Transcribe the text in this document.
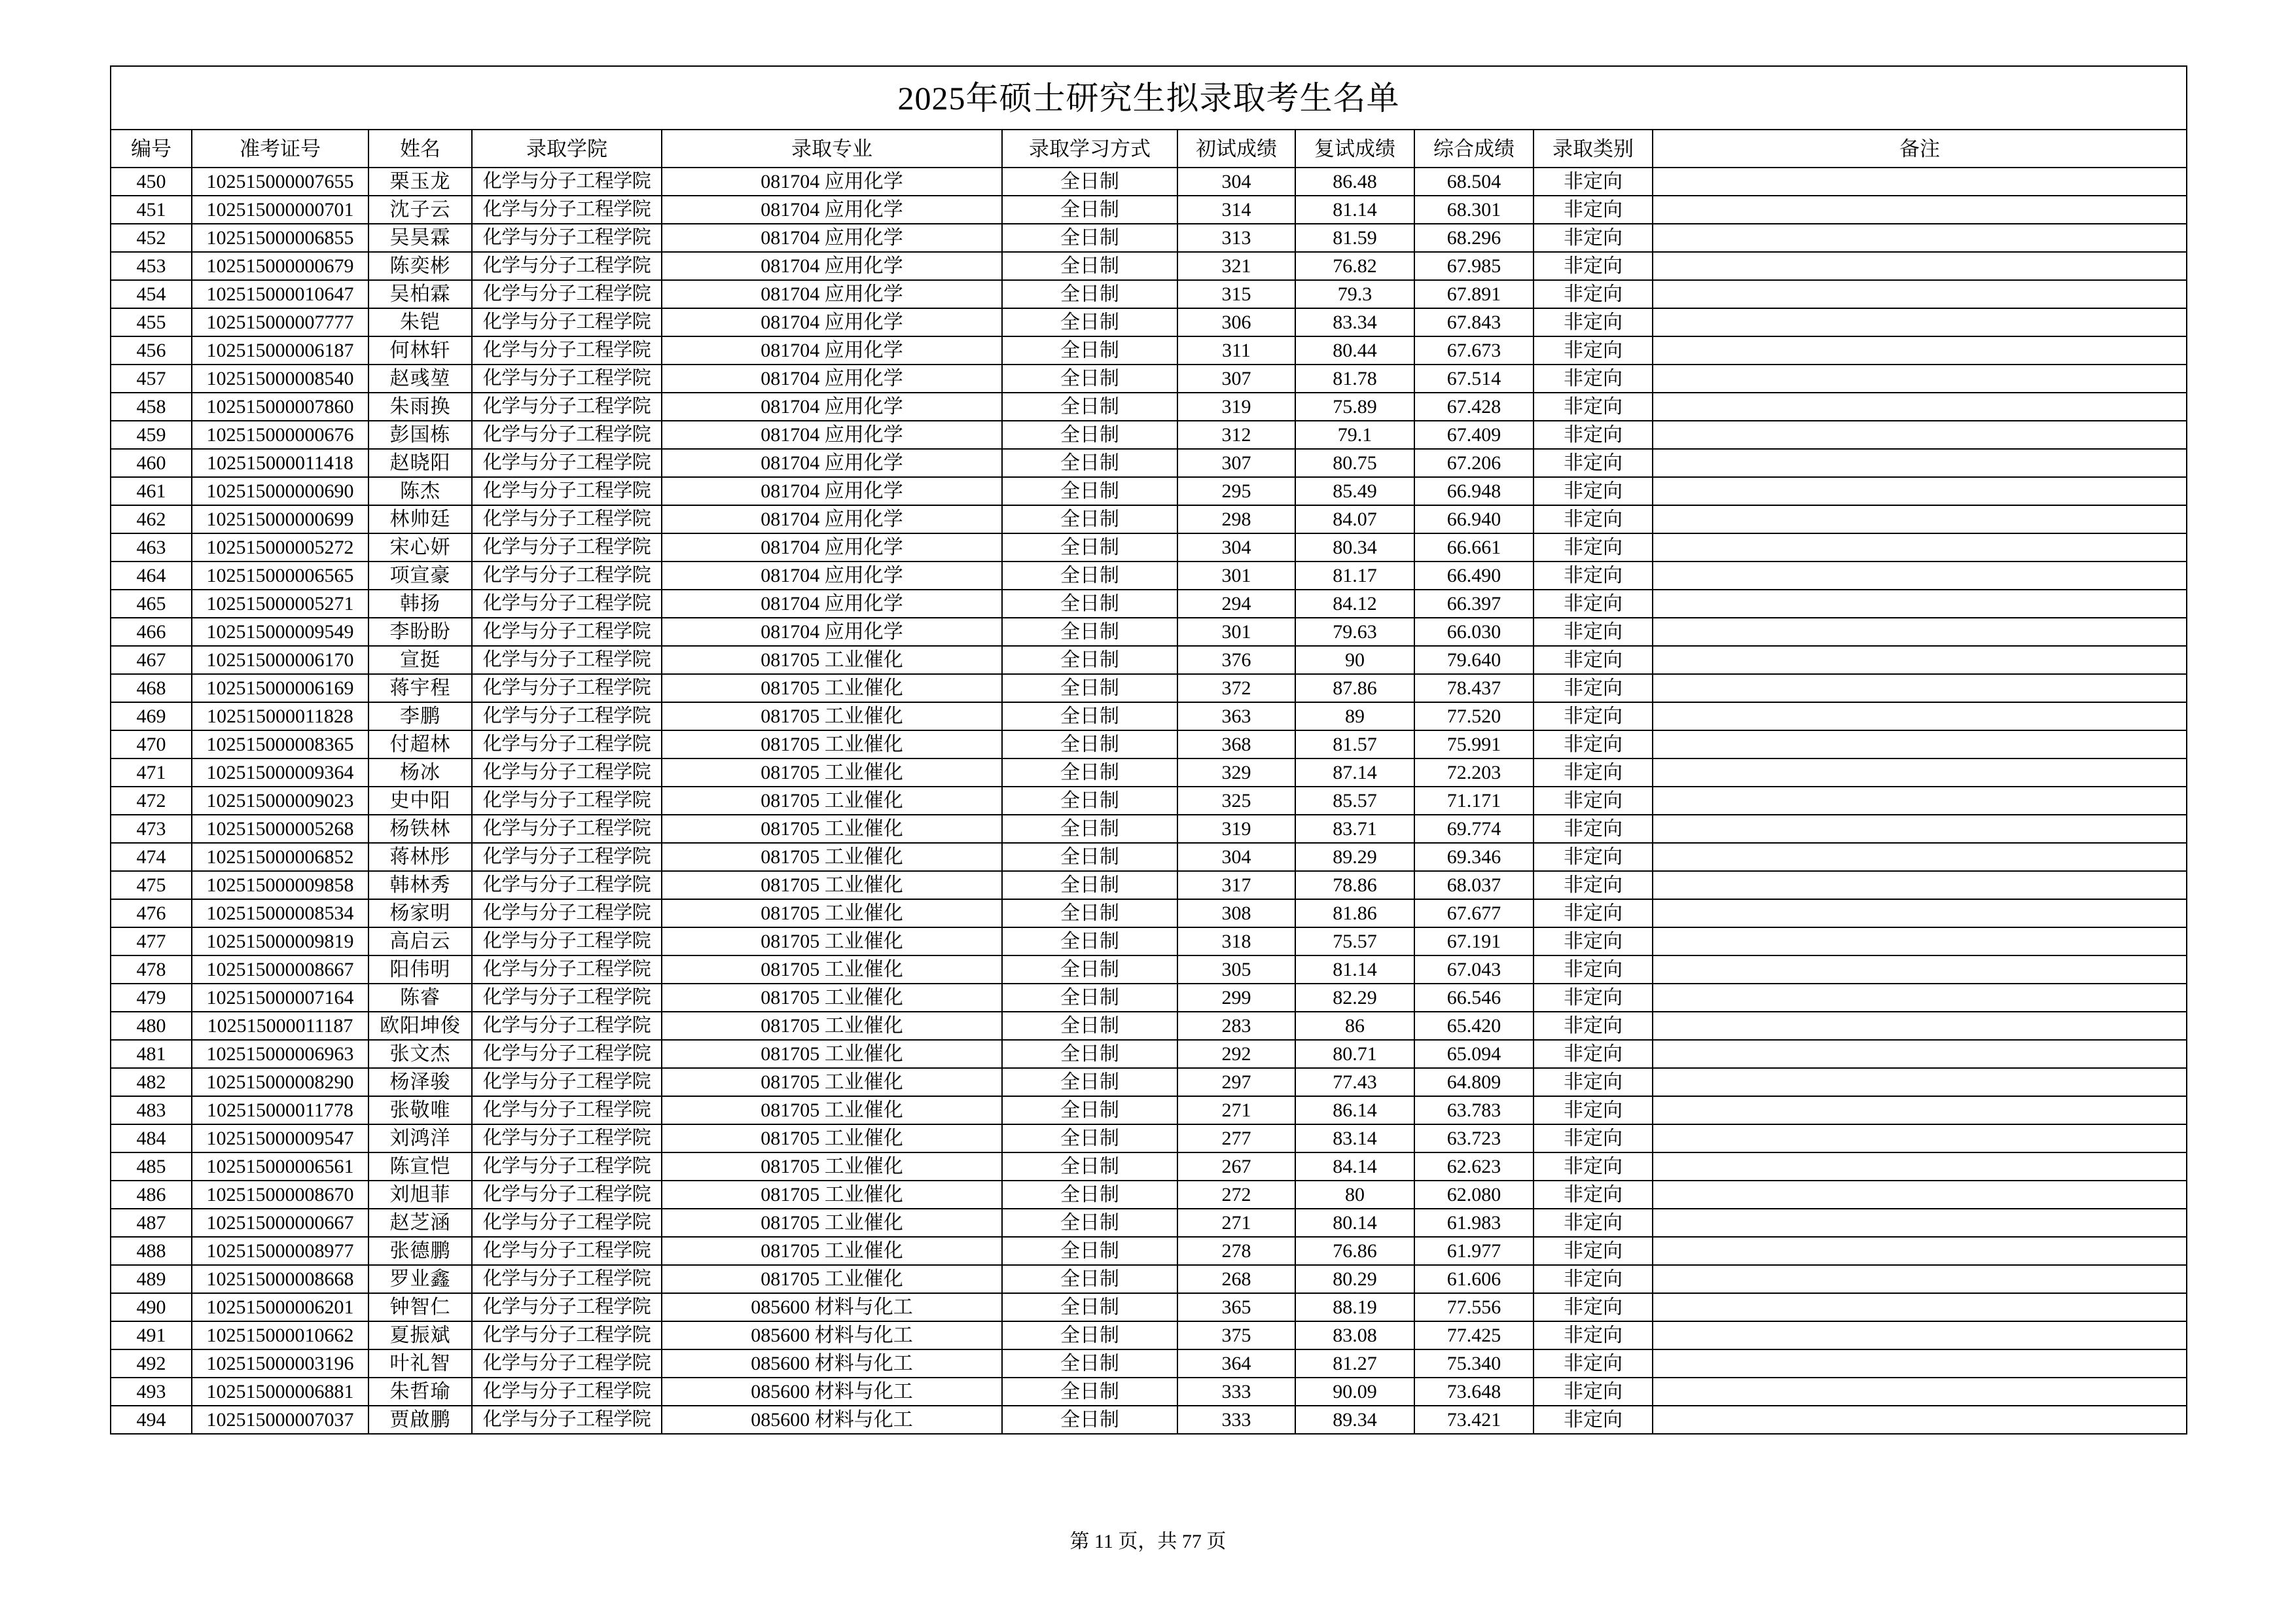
2025年硕士研究生拟录取考生名单										
编号	准考证号	姓名	录取学院	录取专业	录取学习方式	初试成绩	复试成绩	综合成绩	录取类别	备注
450	102515000007655	栗玉龙	化学与分子工程学院	081704 应用化学	全日制	304	86.48	68.504	非定向	
451	102515000000701	沈子云	化学与分子工程学院	081704 应用化学	全日制	314	81.14	68.301	非定向	
452	102515000006855	吴昊霖	化学与分子工程学院	081704 应用化学	全日制	313	81.59	68.296	非定向	
453	102515000000679	陈奕彬	化学与分子工程学院	081704 应用化学	全日制	321	76.82	67.985	非定向	
454	102515000010647	吴柏霖	化学与分子工程学院	081704 应用化学	全日制	315	79.3	67.891	非定向	
455	102515000007777	朱铠	化学与分子工程学院	081704 应用化学	全日制	306	83.34	67.843	非定向	
456	102515000006187	何林轩	化学与分子工程学院	081704 应用化学	全日制	311	80.44	67.673	非定向	
457	102515000008540	赵彧堃	化学与分子工程学院	081704 应用化学	全日制	307	81.78	67.514	非定向	
458	102515000007860	朱雨换	化学与分子工程学院	081704 应用化学	全日制	319	75.89	67.428	非定向	
459	102515000000676	彭国栋	化学与分子工程学院	081704 应用化学	全日制	312	79.1	67.409	非定向	
460	102515000011418	赵晓阳	化学与分子工程学院	081704 应用化学	全日制	307	80.75	67.206	非定向	
461	102515000000690	陈杰	化学与分子工程学院	081704 应用化学	全日制	295	85.49	66.948	非定向	
462	102515000000699	林帅廷	化学与分子工程学院	081704 应用化学	全日制	298	84.07	66.940	非定向	
463	102515000005272	宋心妍	化学与分子工程学院	081704 应用化学	全日制	304	80.34	66.661	非定向	
464	102515000006565	项宣豪	化学与分子工程学院	081704 应用化学	全日制	301	81.17	66.490	非定向	
465	102515000005271	韩扬	化学与分子工程学院	081704 应用化学	全日制	294	84.12	66.397	非定向	
466	102515000009549	李盼盼	化学与分子工程学院	081704 应用化学	全日制	301	79.63	66.030	非定向	
467	102515000006170	宣挺	化学与分子工程学院	081705 工业催化	全日制	376	90	79.640	非定向	
468	102515000006169	蒋宇程	化学与分子工程学院	081705 工业催化	全日制	372	87.86	78.437	非定向	
469	102515000011828	李鹏	化学与分子工程学院	081705 工业催化	全日制	363	89	77.520	非定向	
470	102515000008365	付超林	化学与分子工程学院	081705 工业催化	全日制	368	81.57	75.991	非定向	
471	102515000009364	杨冰	化学与分子工程学院	081705 工业催化	全日制	329	87.14	72.203	非定向	
472	102515000009023	史中阳	化学与分子工程学院	081705 工业催化	全日制	325	85.57	71.171	非定向	
473	102515000005268	杨铁林	化学与分子工程学院	081705 工业催化	全日制	319	83.71	69.774	非定向	
474	102515000006852	蒋林彤	化学与分子工程学院	081705 工业催化	全日制	304	89.29	69.346	非定向	
475	102515000009858	韩林秀	化学与分子工程学院	081705 工业催化	全日制	317	78.86	68.037	非定向	
476	102515000008534	杨家明	化学与分子工程学院	081705 工业催化	全日制	308	81.86	67.677	非定向	
477	102515000009819	高启云	化学与分子工程学院	081705 工业催化	全日制	318	75.57	67.191	非定向	
478	102515000008667	阳伟明	化学与分子工程学院	081705 工业催化	全日制	305	81.14	67.043	非定向	
479	102515000007164	陈睿	化学与分子工程学院	081705 工业催化	全日制	299	82.29	66.546	非定向	
480	102515000011187	欧阳坤俊	化学与分子工程学院	081705 工业催化	全日制	283	86	65.420	非定向	
481	102515000006963	张文杰	化学与分子工程学院	081705 工业催化	全日制	292	80.71	65.094	非定向	
482	102515000008290	杨泽骏	化学与分子工程学院	081705 工业催化	全日制	297	77.43	64.809	非定向	
483	102515000011778	张敬唯	化学与分子工程学院	081705 工业催化	全日制	271	86.14	63.783	非定向	
484	102515000009547	刘鸿洋	化学与分子工程学院	081705 工业催化	全日制	277	83.14	63.723	非定向	
485	102515000006561	陈宣恺	化学与分子工程学院	081705 工业催化	全日制	267	84.14	62.623	非定向	
486	102515000008670	刘旭菲	化学与分子工程学院	081705 工业催化	全日制	272	80	62.080	非定向	
487	102515000000667	赵芝涵	化学与分子工程学院	081705 工业催化	全日制	271	80.14	61.983	非定向	
488	102515000008977	张德鹏	化学与分子工程学院	081705 工业催化	全日制	278	76.86	61.977	非定向	
489	102515000008668	罗业鑫	化学与分子工程学院	081705 工业催化	全日制	268	80.29	61.606	非定向	
490	102515000006201	钟智仁	化学与分子工程学院	085600 材料与化工	全日制	365	88.19	77.556	非定向	
491	102515000010662	夏振斌	化学与分子工程学院	085600 材料与化工	全日制	375	83.08	77.425	非定向	
492	102515000003196	叶礼智	化学与分子工程学院	085600 材料与化工	全日制	364	81.27	75.340	非定向	
493	102515000006881	朱哲瑜	化学与分子工程学院	085600 材料与化工	全日制	333	90.09	73.648	非定向	
494	102515000007037	贾啟鹏	化学与分子工程学院	085600 材料与化工	全日制	333	89.34	73.421	非定向	
第 11 页，共 77 页
